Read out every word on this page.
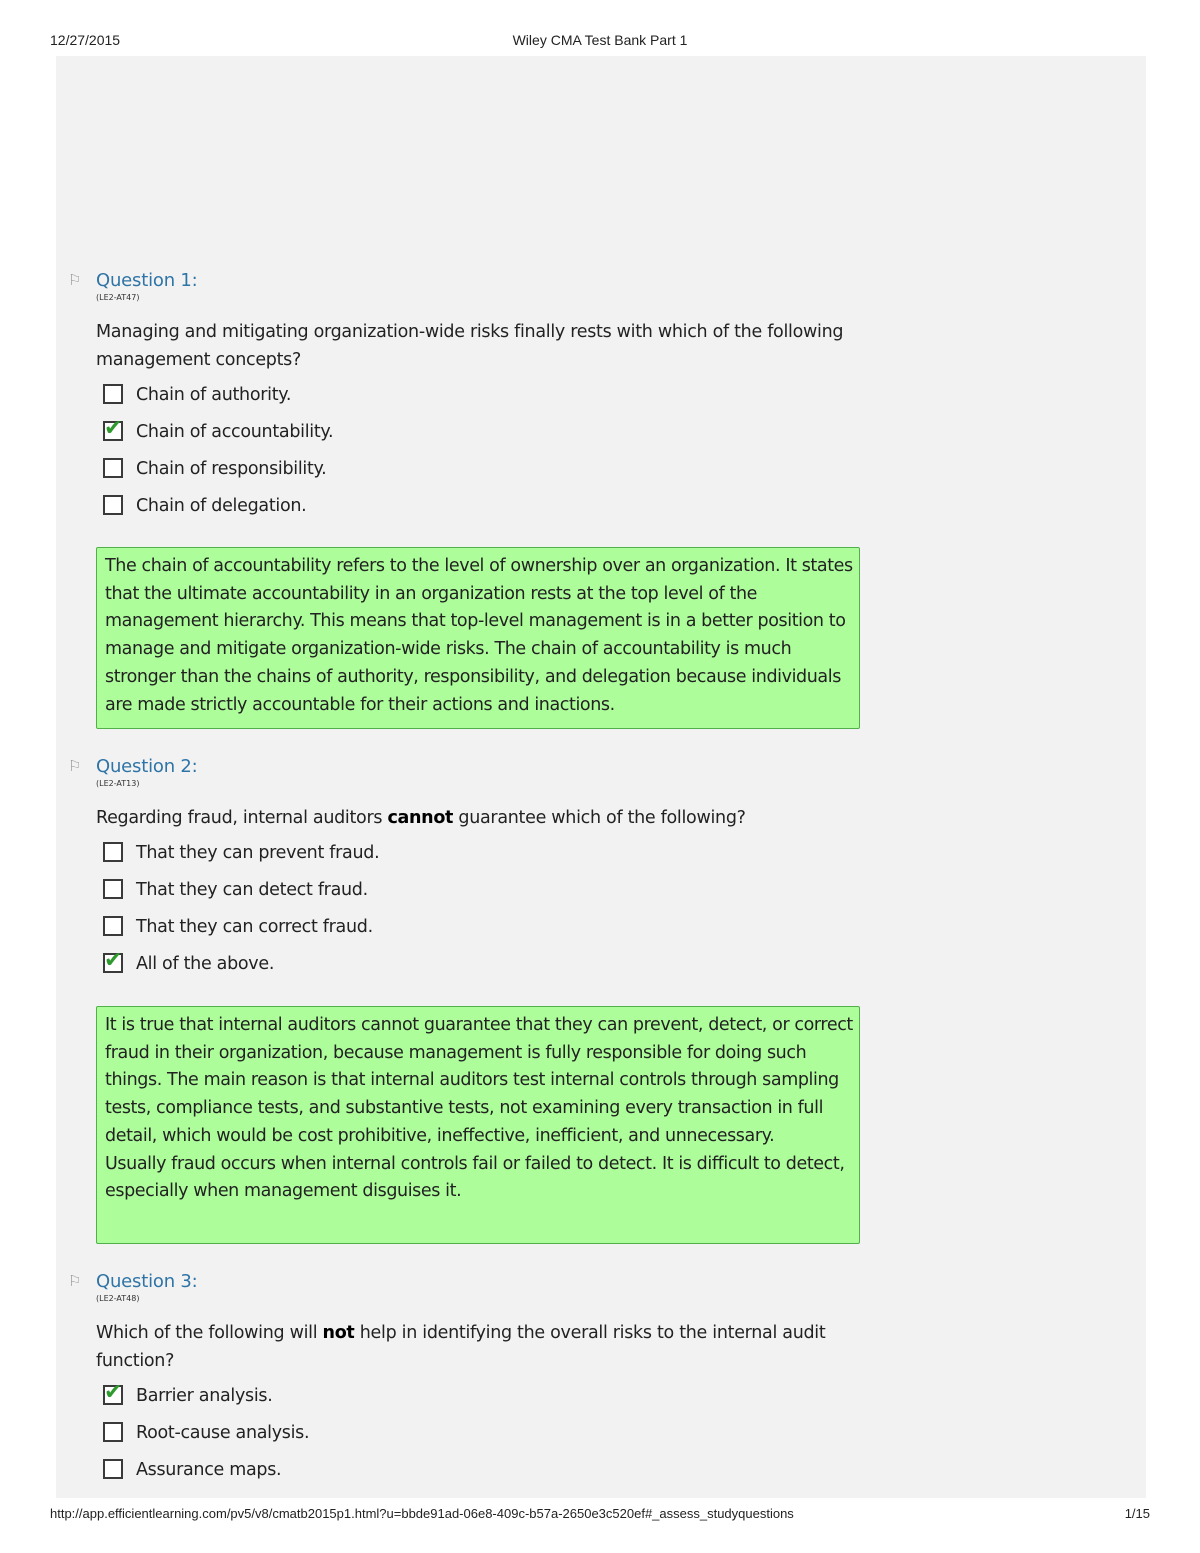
12/27/2015	Wiley CMA Test Bank Part 1
⚐ Question 1:
(LE2-AT47)
Managing and mitigating organization-wide risks finally rests with which of the following management concepts?
Chain of authority.
✔ Chain of accountability.
Chain of responsibility.
Chain of delegation.

The chain of accountability refers to the level of ownership over an organization. It states that the ultimate accountability in an organization rests at the top level of the management hierarchy. This means that top-level management is in a better position to manage and mitigate organization-wide risks. The chain of accountability is much stronger than the chains of authority, responsibility, and delegation because individuals are made strictly accountable for their actions and inactions.

⚐ Question 2:
(LE2-AT13)
Regarding fraud, internal auditors cannot guarantee which of the following?
That they can prevent fraud.
That they can detect fraud.
That they can correct fraud.
✔ All of the above.

It is true that internal auditors cannot guarantee that they can prevent, detect, or correct fraud in their organization, because management is fully responsible for doing such things. The main reason is that internal auditors test internal controls through sampling tests, compliance tests, and substantive tests, not examining every transaction in full detail, which would be cost prohibitive, ineffective, inefficient, and unnecessary.

Usually fraud occurs when internal controls fail or failed to detect. It is difficult to detect, especially when management disguises it.

⚐ Question 3:
(LE2-AT48)
Which of the following will not help in identifying the overall risks to the internal audit function?
✔ Barrier analysis.
Root-cause analysis.
Assurance maps.
http://app.efficientlearning.com/pv5/v8/cmatb2015p1.html?u=bbde91ad-06e8-409c-b57a-2650e3c520ef#_assess_studyquestions	1/15
